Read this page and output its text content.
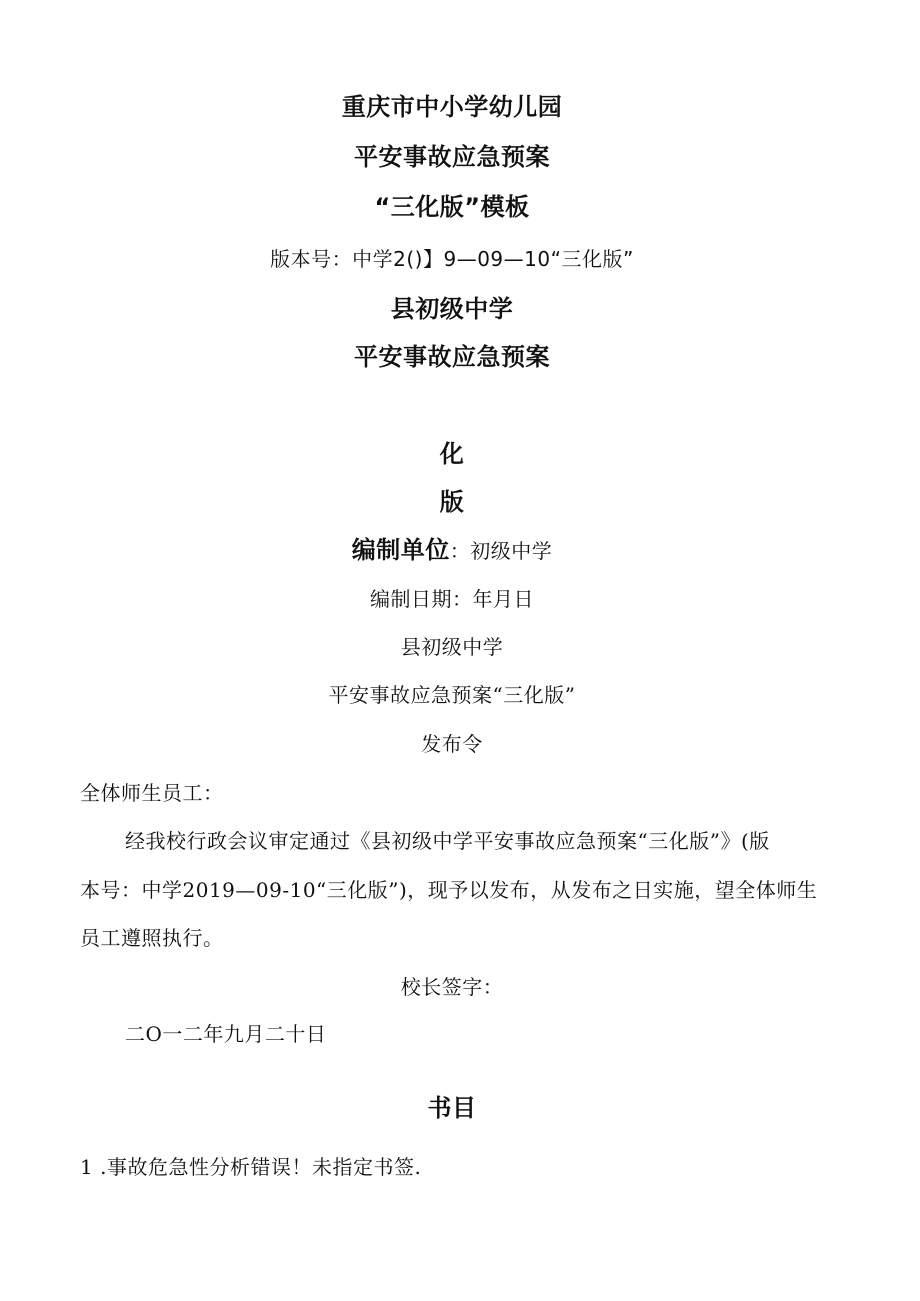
重庆市中小学幼儿园
平安事故应急预案
“三化版”模板
版本号：中学2()】9—09—10“三化版”
县初级中学
平安事故应急预案
化
版
编制单位：初级中学
编制日期：年月日
县初级中学
平安事故应急预案“三化版”
发布令
全体师生员工：
经我校行政会议审定通过《县初级中学平安事故应急预案“三化版”》(版
本号：中学2019—09-10“三化版”)，现予以发布，从发布之日实施，望全体师生
员工遵照执行。
校长签字：
二O一二年九月二十日
书目
1 .事故危急性分析错误！未指定书签.
